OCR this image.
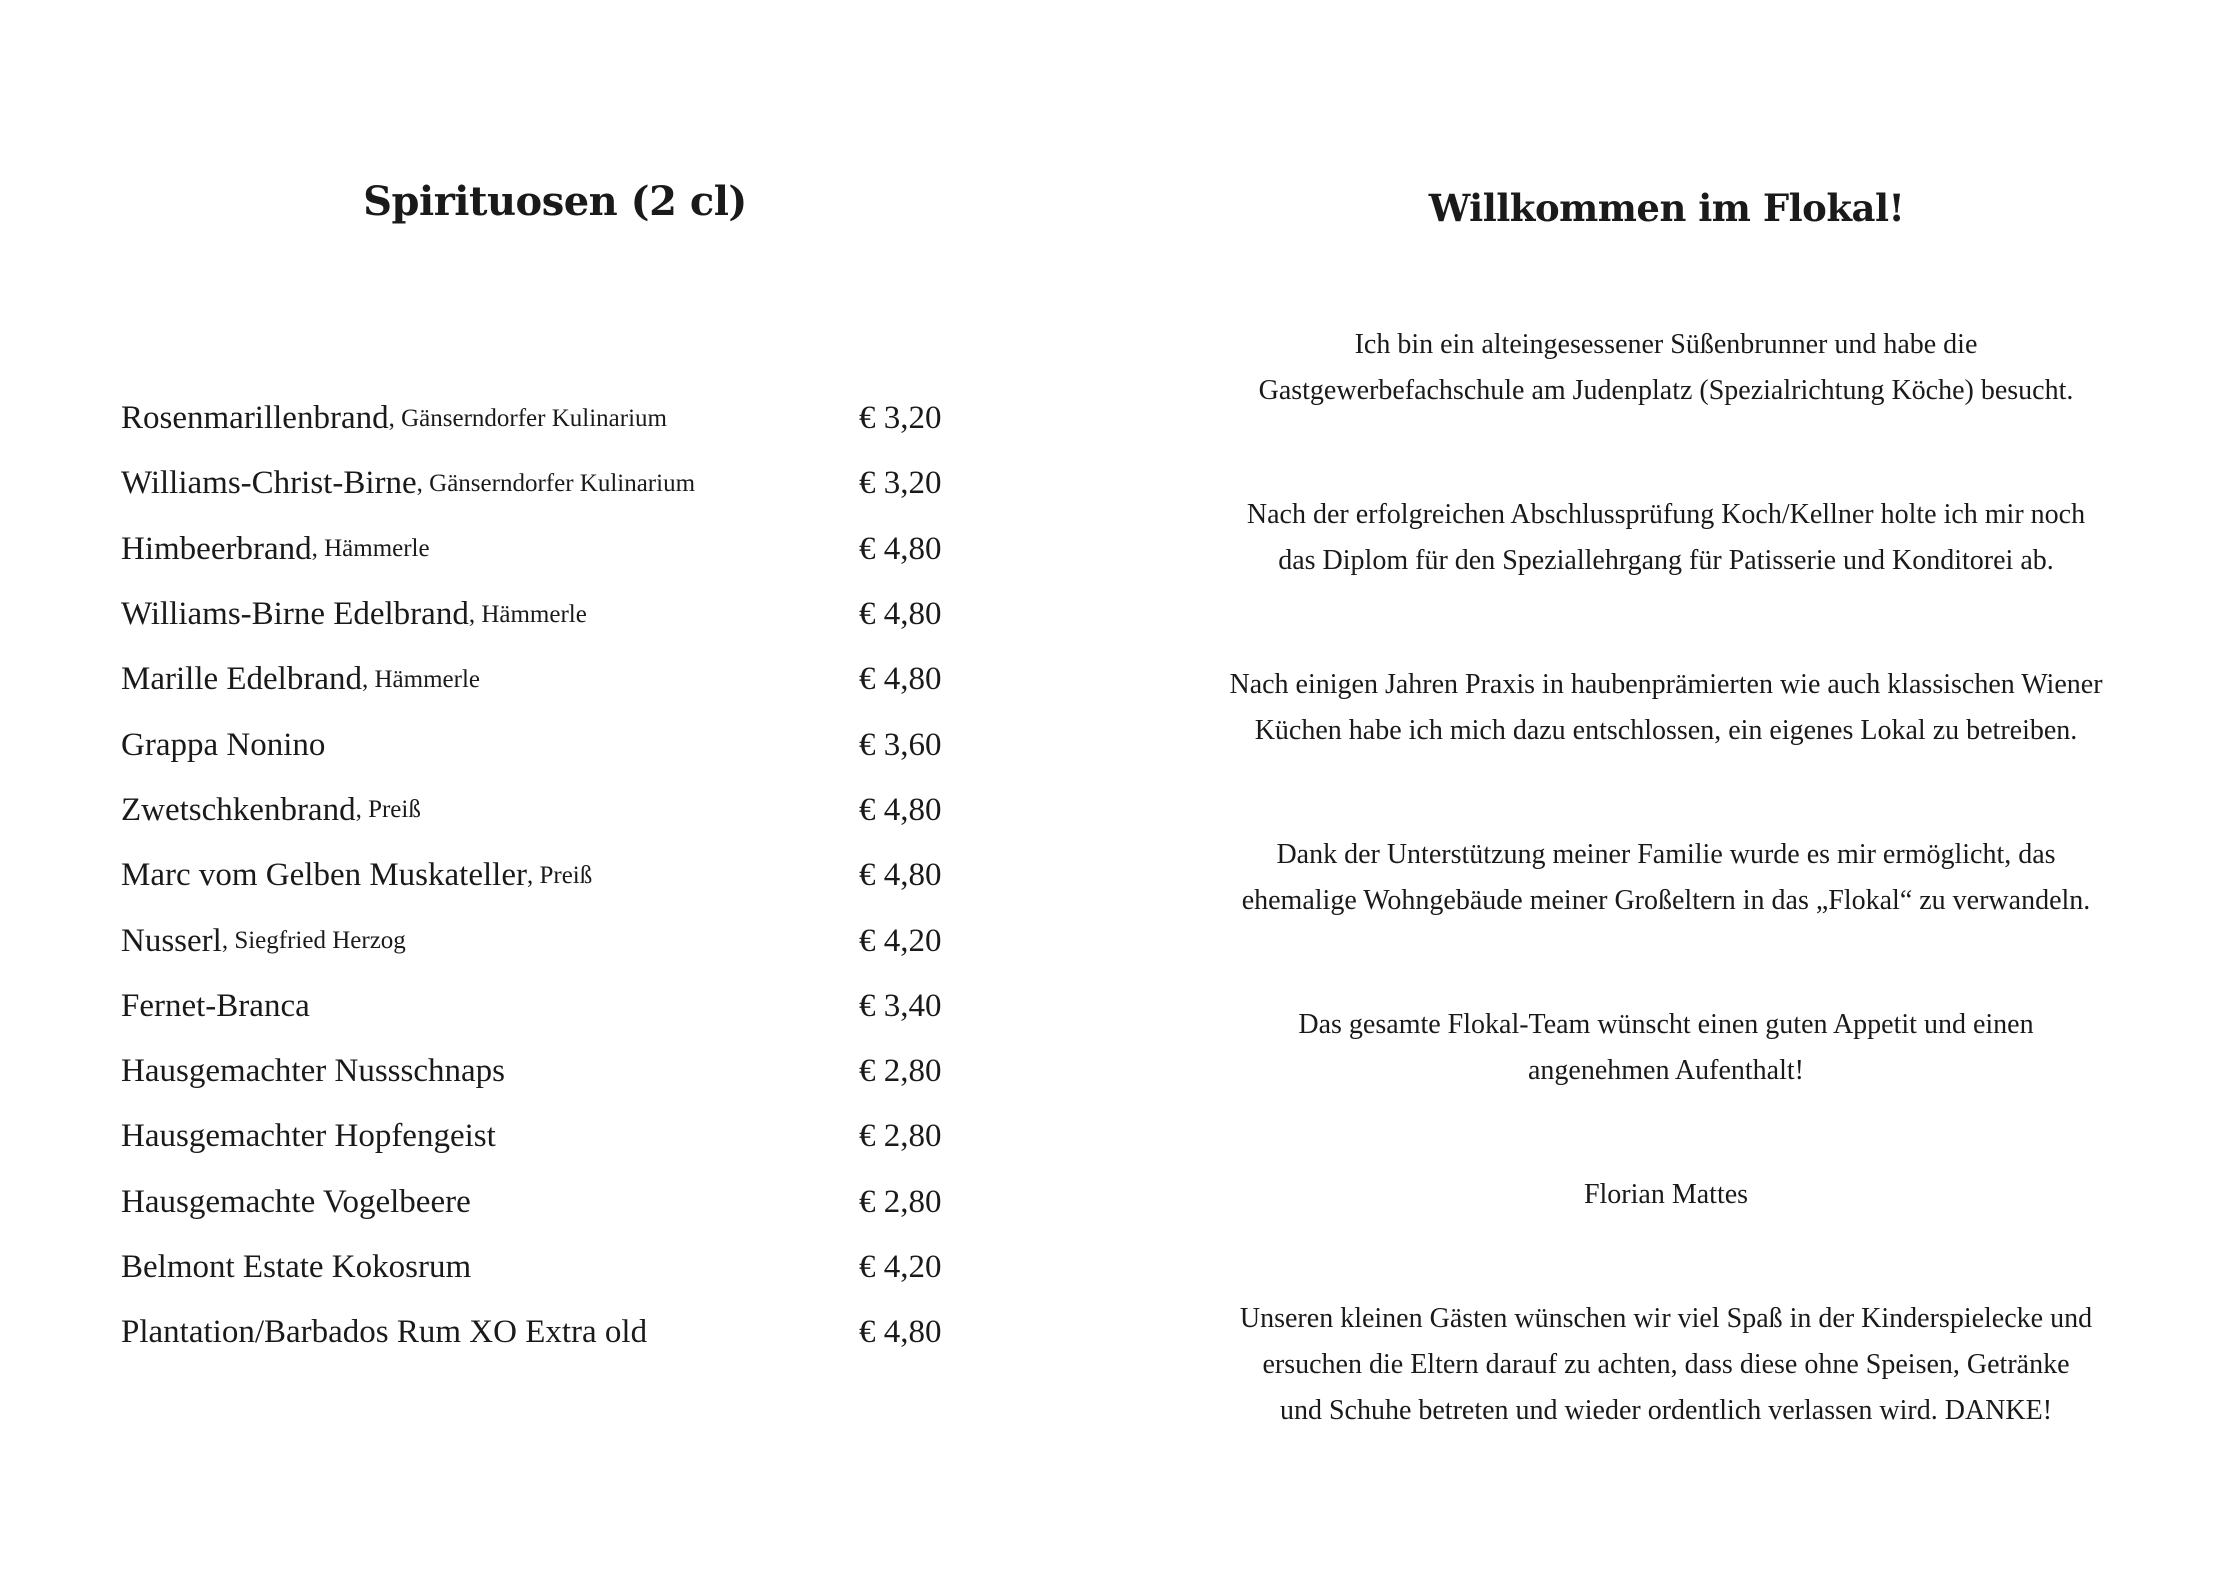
Spirituosen (2 cl)
Rosenmarillenbrand , Gänserndorfer Kulinarium	€ 3,20
Williams-Christ-Birne , Gänserndorfer Kulinarium	€ 3,20
Himbeerbrand , Hämmerle	€ 4,80
Williams-Birne Edelbrand , Hämmerle	€ 4,80
Marille Edelbrand , Hämmerle	€ 4,80
Grappa Nonino	€ 3,60
Zwetschkenbrand , Preiß	€ 4,80
Marc vom Gelben Muskateller , Preiß	€ 4,80
Nusserl , Siegfried Herzog	€ 4,20
Fernet-Branca	€ 3,40
Hausgemachter Nussschnaps	€ 2,80
Hausgemachter Hopfengeist	€ 2,80
Hausgemachte Vogelbeere	€ 2,80
Belmont Estate Kokosrum	€ 4,20
Plantation/Barbados Rum XO Extra old	€ 4,80
Willkommen im Flokal!

Ich bin ein alteingesessener Süßenbrunner und habe die
Gastgewerbefachschule am Judenplatz (Spezialrichtung Köche) besucht.

Nach der erfolgreichen Abschlussprüfung Koch/Kellner holte ich mir noch
das Diplom für den Speziallehrgang für Patisserie und Konditorei ab.

Nach einigen Jahren Praxis in haubenprämierten wie auch klassischen Wiener
Küchen habe ich mich dazu entschlossen, ein eigenes Lokal zu betreiben.

Dank der Unterstützung meiner Familie wurde es mir ermöglicht, das
ehemalige Wohngebäude meiner Großeltern in das „Flokal“ zu verwandeln.

Das gesamte Flokal-Team wünscht einen guten Appetit und einen
angenehmen Aufenthalt!

Florian Mattes

Unseren kleinen Gästen wünschen wir viel Spaß in der Kinderspielecke und
ersuchen die Eltern darauf zu achten, dass diese ohne Speisen, Getränke
und Schuhe betreten und wieder ordentlich verlassen wird. DANKE!
